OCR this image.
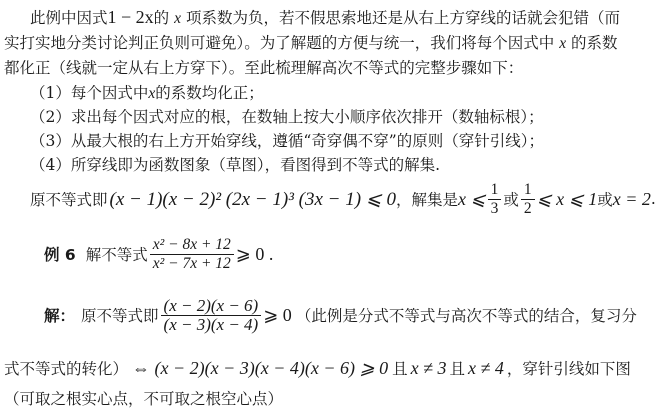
此例中因式1 − 2x的 x 项系数为负，若不假思索地还是从右上方穿线的话就会犯错（而
实打实地分类讨论判正负则可避免）。为了解题的方便与统一，我们将每个因式中 x 的系数
都化正（线就一定从右上方穿下）。至此梳理解高次不等式的完整步骤如下：
（1）每个因式中x的系数均化正；
（2）求出每个因式对应的根，在数轴上按大小顺序依次排开（数轴标根）；
（3）从最大根的右上方开始穿线，遵循“奇穿偶不穿”的原则（穿针引线）；
（4）所穿线即为函数图象（草图），看图得到不等式的解集.
原不等式即 (x − 1)(x − 2)² (2x − 1)³ (3x − 1) ⩽ 0 ，解集是 x ⩽ $\frac{1}{3}$ 或 $\frac{1}{2}$ ⩽ x ⩽ 1 或 x = 2 .
例 6 解不等式 $\frac{\text{x² − 8x + 12}}{\text{x² − 7x + 12}}$ ⩾ 0 .
解： 原不等式即 $\frac{(x - 2)(x - 6)}{(x - 3)(x - 4)}$ ⩾ 0 （此例是分式不等式与高次不等式的结合，复习分
式不等式的转化） ⇔ (x − 2)(x − 3)(x − 4)(x − 6) ⩾ 0 且 x ≠ 3 且 x ≠ 4 ，穿针引线如下图
（可取之根实心点，不可取之根空心点）
